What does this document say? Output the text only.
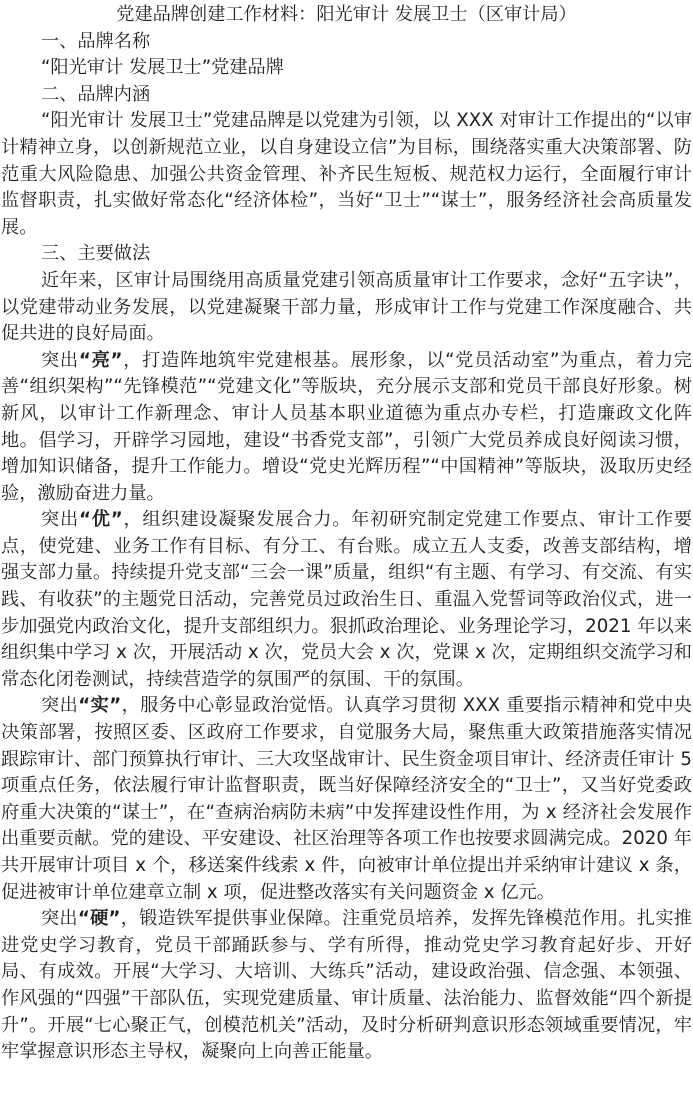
党建品牌创建工作材料：阳光审计 发展卫士（区审计局）

一、品牌名称

“阳光审计 发展卫士”党建品牌

二、品牌内涵

“阳光审计 发展卫士”党建品牌是以党建为引领，以 XXX 对审计工作提出的“以审计精神立身，以创新规范立业，以自身建设立信”为目标，围绕落实重大决策部署、防范重大风险隐患、加强公共资金管理、补齐民生短板、规范权力运行，全面履行审计监督职责，扎实做好常态化“经济体检”，当好“卫士”“谋士”，服务经济社会高质量发展。

三、主要做法

近年来，区审计局围绕用高质量党建引领高质量审计工作要求，念好“五字诀”，以党建带动业务发展，以党建凝聚干部力量，形成审计工作与党建工作深度融合、共促共进的良好局面。

突出“亮”，打造阵地筑牢党建根基。展形象，以“党员活动室”为重点，着力完善“组织架构”“先锋模范”“党建文化”等版块，充分展示支部和党员干部良好形象。树新风，以审计工作新理念、审计人员基本职业道德为重点办专栏，打造廉政文化阵地。倡学习，开辟学习园地，建设“书香党支部”，引领广大党员养成良好阅读习惯，增加知识储备，提升工作能力。增设“党史光辉历程”“中国精神”等版块，汲取历史经验，激励奋进力量。

突出“优”，组织建设凝聚发展合力。年初研究制定党建工作要点、审计工作要点，使党建、业务工作有目标、有分工、有台账。成立五人支委，改善支部结构，增强支部力量。持续提升党支部“三会一课”质量，组织“有主题、有学习、有交流、有实践、有收获”的主题党日活动，完善党员过政治生日、重温入党誓词等政治仪式，进一步加强党内政治文化，提升支部组织力。狠抓政治理论、业务理论学习，2021 年以来组织集中学习 x 次，开展活动 x 次，党员大会 x 次，党课 x 次，定期组织交流学习和常态化闭卷测试，持续营造学的氛围严的氛围、干的氛围。

突出“实”，服务中心彰显政治觉悟。认真学习贯彻 XXX 重要指示精神和党中央决策部署，按照区委、区政府工作要求，自觉服务大局，聚焦重大政策措施落实情况跟踪审计、部门预算执行审计、三大攻坚战审计、民生资金项目审计、经济责任审计 5 项重点任务，依法履行审计监督职责，既当好保障经济安全的“卫士”，又当好党委政府重大决策的“谋士”，在“查病治病防未病”中发挥建设性作用，为 x 经济社会发展作出重要贡献。党的建设、平安建设、社区治理等各项工作也按要求圆满完成。2020 年共开展审计项目 x 个，移送案件线索 x 件，向被审计单位提出并采纳审计建议 x 条，促进被审计单位建章立制 x 项，促进整改落实有关问题资金 x 亿元。

突出“硬”，锻造铁军提供事业保障。注重党员培养，发挥先锋模范作用。扎实推进党史学习教育，党员干部踊跃参与、学有所得，推动党史学习教育起好步、开好局、有成效。开展“大学习、大培训、大练兵”活动，建设政治强、信念强、本领强、作风强的“四强”干部队伍，实现党建质量、审计质量、法治能力、监督效能“四个新提升”。开展“七心聚正气，创模范机关”活动，及时分析研判意识形态领域重要情况，牢牢掌握意识形态主导权，凝聚向上向善正能量。
